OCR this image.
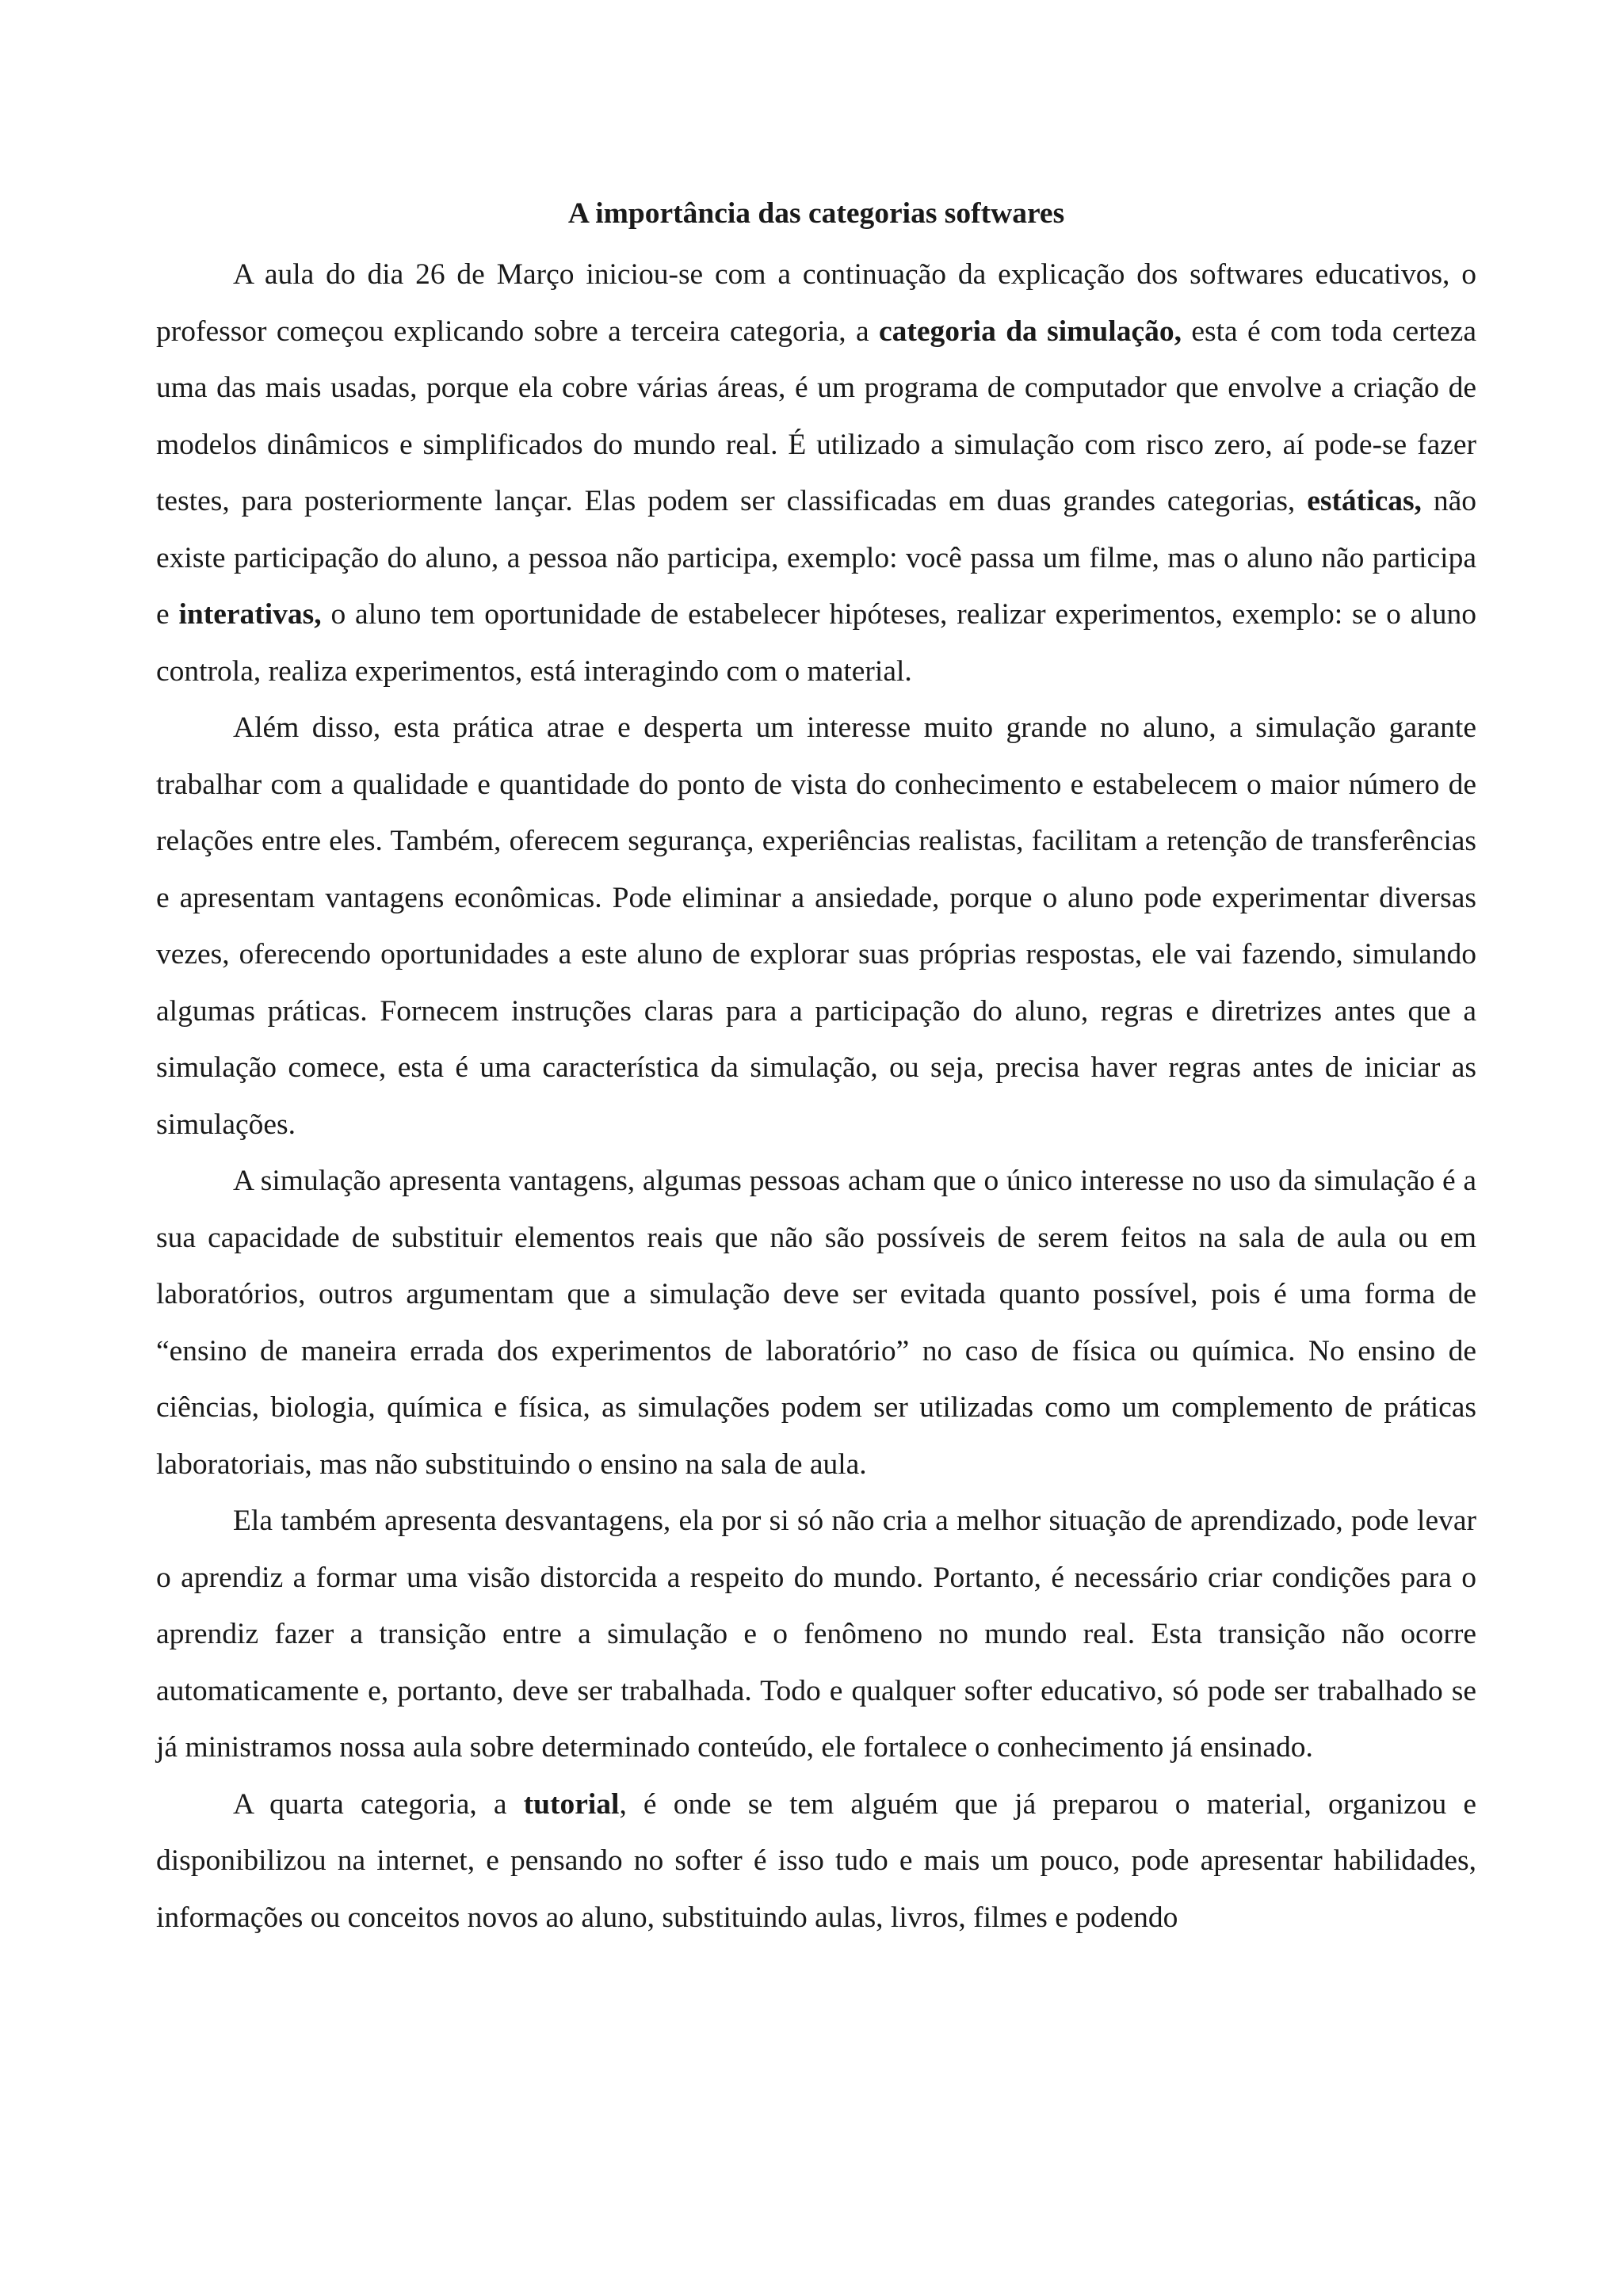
A importância das categorias softwares

A aula do dia 26 de Março iniciou-se com a continuação da explicação dos softwares educativos, o professor começou explicando sobre a terceira categoria, a categoria da simulação, esta é com toda certeza uma das mais usadas, porque ela cobre várias áreas, é um programa de computador que envolve a criação de modelos dinâmicos e simplificados do mundo real. É utilizado a simulação com risco zero, aí pode-se fazer testes, para posteriormente lançar. Elas podem ser classificadas em duas grandes categorias, estáticas, não existe participação do aluno, a pessoa não participa, exemplo: você passa um filme, mas o aluno não participa e interativas, o aluno tem oportunidade de estabelecer hipóteses, realizar experimentos, exemplo: se o aluno controla, realiza experimentos, está interagindo com o material.

Além disso, esta prática atrae e desperta um interesse muito grande no aluno, a simulação garante trabalhar com a qualidade e quantidade do ponto de vista do conhecimento e estabelecem o maior número de relações entre eles. Também, oferecem segurança, experiências realistas, facilitam a retenção de transferências e apresentam vantagens econômicas. Pode eliminar a ansiedade, porque o aluno pode experimentar diversas vezes, oferecendo oportunidades a este aluno de explorar suas próprias respostas, ele vai fazendo, simulando algumas práticas. Fornecem instruções claras para a participação do aluno, regras e diretrizes antes que a simulação comece, esta é uma característica da simulação, ou seja, precisa haver regras antes de iniciar as simulações.

A simulação apresenta vantagens, algumas pessoas acham que o único interesse no uso da simulação é a sua capacidade de substituir elementos reais que não são possíveis de serem feitos na sala de aula ou em laboratórios, outros argumentam que a simulação deve ser evitada quanto possível, pois é uma forma de “ensino de maneira errada dos experimentos de laboratório” no caso de física ou química. No ensino de ciências, biologia, química e física, as simulações podem ser utilizadas como um complemento de práticas laboratoriais, mas não substituindo o ensino na sala de aula.

Ela também apresenta desvantagens, ela por si só não cria a melhor situação de aprendizado, pode levar o aprendiz a formar uma visão distorcida a respeito do mundo. Portanto, é necessário criar condições para o aprendiz fazer a transição entre a simulação e o fenômeno no mundo real. Esta transição não ocorre automaticamente e, portanto, deve ser trabalhada. Todo e qualquer softer educativo, só pode ser trabalhado se já ministramos nossa aula sobre determinado conteúdo, ele fortalece o conhecimento já ensinado.

A quarta categoria, a tutorial, é onde se tem alguém que já preparou o material, organizou e disponibilizou na internet, e pensando no softer é isso tudo e mais um pouco, pode apresentar habilidades, informações ou conceitos novos ao aluno, substituindo aulas, livros, filmes e podendo
